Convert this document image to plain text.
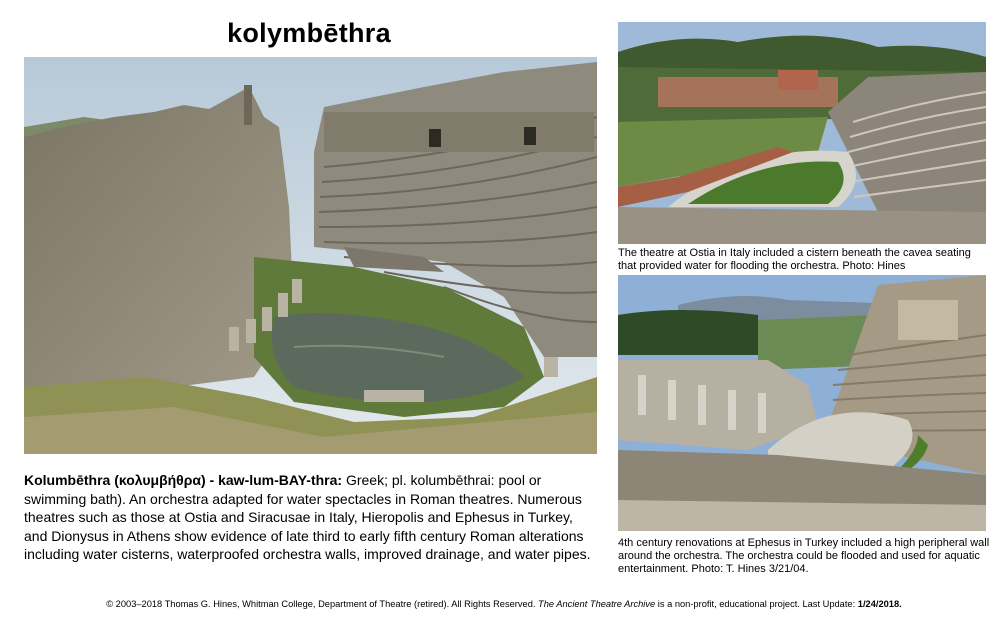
kolymbēthra
The theatre at Ostia in Italy included a cistern beneath the cavea seating that provided water for flooding the orchestra. Photo: Hines
4th century renovations at Ephesus in Turkey included a high peripheral wall around the orchestra. The orchestra could be flooded and used for aquatic entertainment. Photo: T. Hines 3/21/04.
Kolumbēthra (κολυμβήθρα) - kaw-lum-BAY-thra: Greek; pl. kolumbēthrai: pool or swimming bath). An orchestra adapted for water spectacles in Roman theatres. Numerous theatres such as those at Ostia and Siracusae in Italy, Hieropolis and Ephesus in Turkey, and Dionysus in Athens show evidence of late third to early fifth century Roman alterations including water cisterns, waterproofed orchestra walls, improved drainage, and water pipes.
© 2003–2018 Thomas G. Hines, Whitman College, Department of Theatre (retired). All Rights Reserved. The Ancient Theatre Archive is a non-profit, educational project. Last Update: 1/24/2018.
